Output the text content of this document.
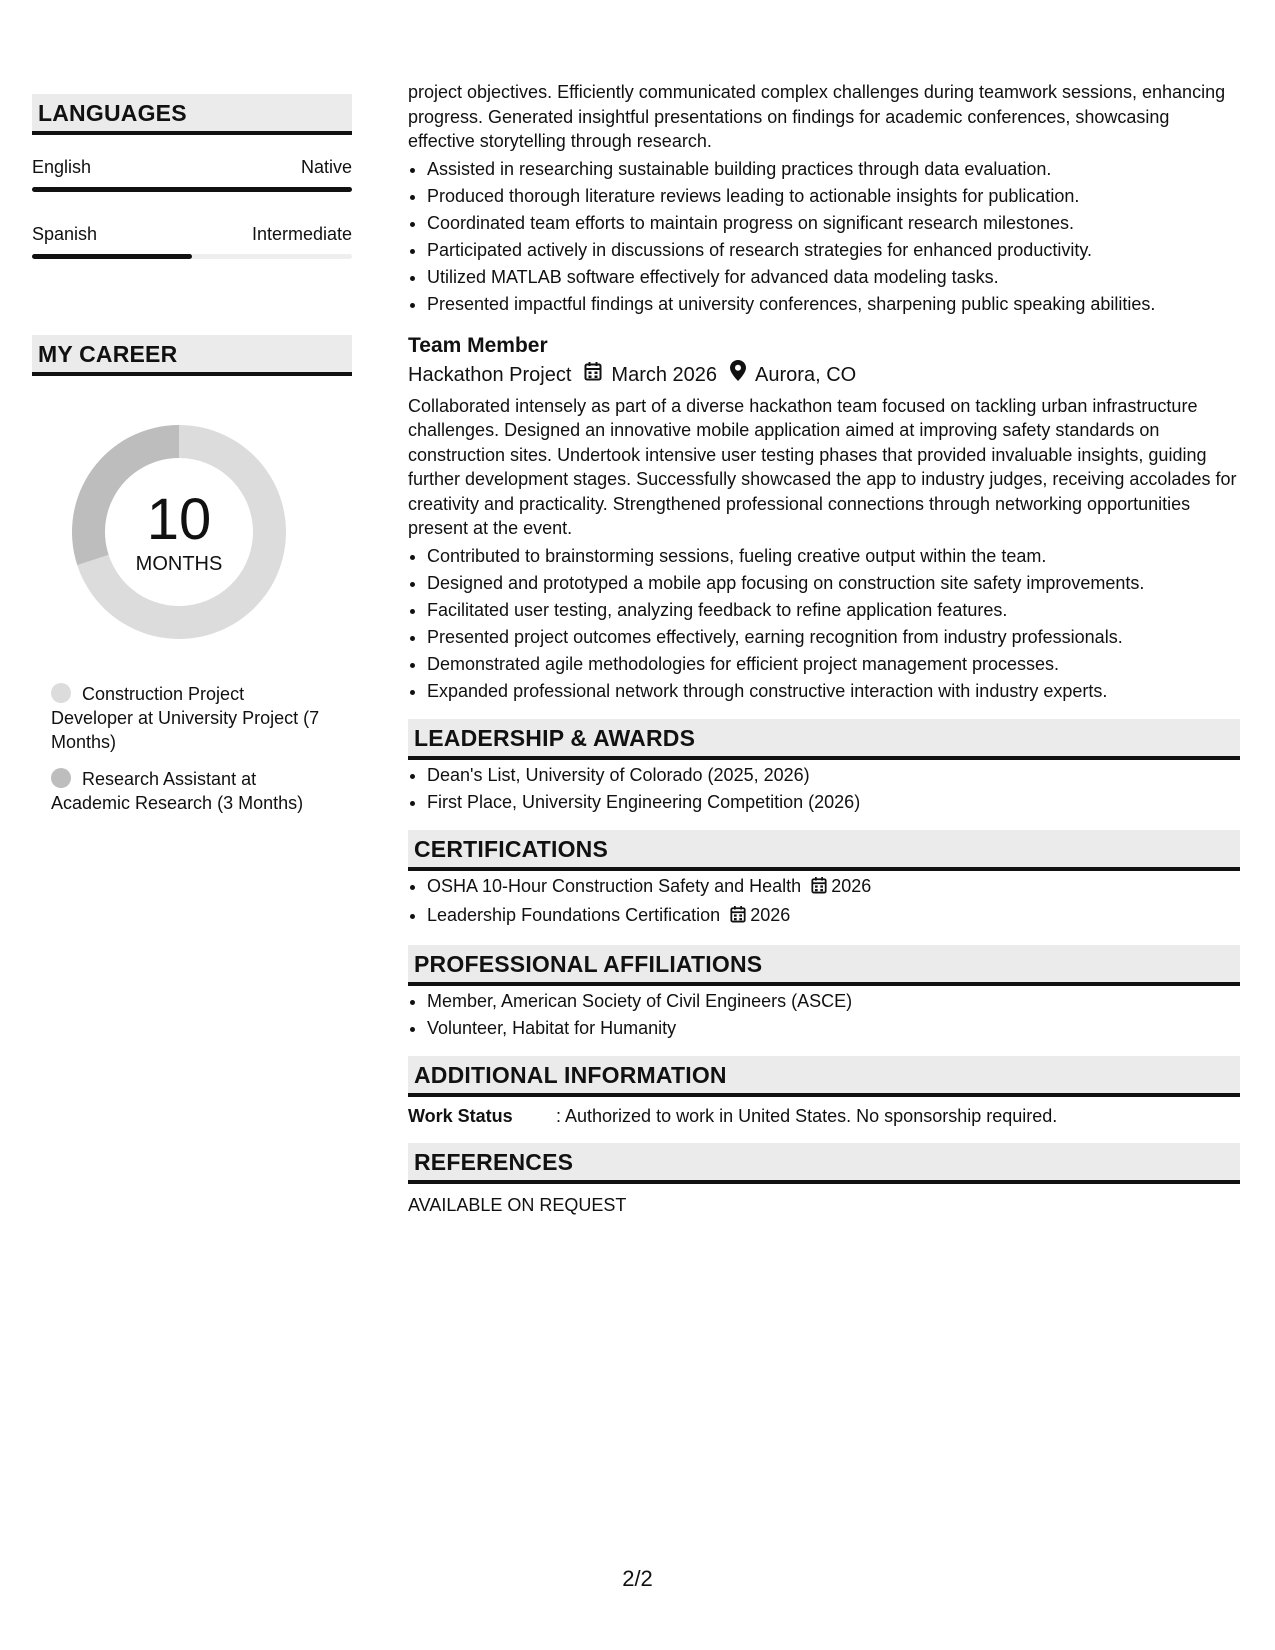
LANGUAGES
English	Native
Spanish	Intermediate
MY CAREER
10
MONTHS
Construction Project Developer at University Project (7 Months)
Research Assistant at Academic Research (3 Months)
project objectives. Efficiently communicated complex challenges during teamwork sessions, enhancing progress. Generated insightful presentations on findings for academic conferences, showcasing effective storytelling through research.
• Assisted in researching sustainable building practices through data evaluation.
• Produced thorough literature reviews leading to actionable insights for publication.
• Coordinated team efforts to maintain progress on significant research milestones.
• Participated actively in discussions of research strategies for enhanced productivity.
• Utilized MATLAB software effectively for advanced data modeling tasks.
• Presented impactful findings at university conferences, sharpening public speaking abilities.
Team Member
Hackathon Project March 2026 Aurora, CO
Collaborated intensely as part of a diverse hackathon team focused on tackling urban infrastructure challenges. Designed an innovative mobile application aimed at improving safety standards on construction sites. Undertook intensive user testing phases that provided invaluable insights, guiding further development stages. Successfully showcased the app to industry judges, receiving accolades for creativity and practicality. Strengthened professional connections through networking opportunities present at the event.
• Contributed to brainstorming sessions, fueling creative output within the team.
• Designed and prototyped a mobile app focusing on construction site safety improvements.
• Facilitated user testing, analyzing feedback to refine application features.
• Presented project outcomes effectively, earning recognition from industry professionals.
• Demonstrated agile methodologies for efficient project management processes.
• Expanded professional network through constructive interaction with industry experts.
LEADERSHIP & AWARDS
• Dean's List, University of Colorado (2025, 2026)
• First Place, University Engineering Competition (2026)
CERTIFICATIONS
• OSHA 10-Hour Construction Safety and Health 2026
• Leadership Foundations Certification 2026
PROFESSIONAL AFFILIATIONS
• Member, American Society of Civil Engineers (ASCE)
• Volunteer, Habitat for Humanity
ADDITIONAL INFORMATION
Work Status	: Authorized to work in United States. No sponsorship required.
REFERENCES
AVAILABLE ON REQUEST
2/2
